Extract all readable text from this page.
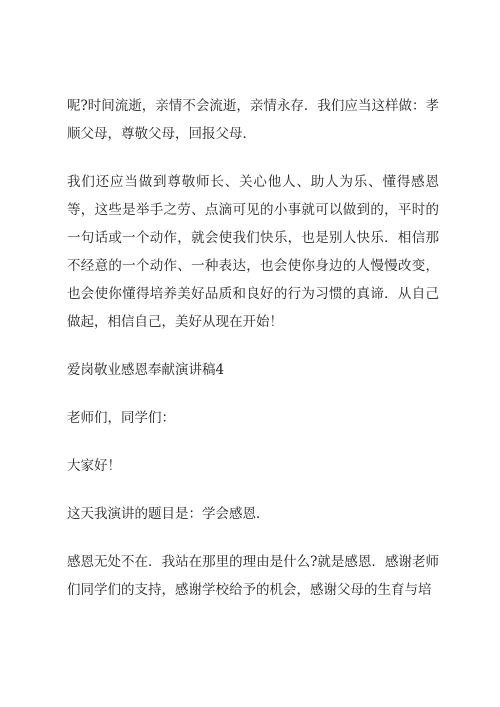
呢?时间流逝，亲情不会流逝，亲情永存．我们应当这样做：孝顺父母，尊敬父母，回报父母．

我们还应当做到尊敬师长、关心他人、助人为乐、懂得感恩等，这些是举手之劳、点滴可见的小事就可以做到的，平时的一句话或一个动作，就会使我们快乐，也是别人快乐．相信那不经意的一个动作、一种表达，也会使你身边的人慢慢改变，也会使你懂得培养美好品质和良好的行为习惯的真谛．从自己做起，相信自己，美好从现在开始！

爱岗敬业感恩奉献演讲稿4

老师们，同学们：

大家好！

这天我演讲的题目是：学会感恩．

感恩无处不在．我站在那里的理由是什么?就是感恩．感谢老师们同学们的支持，感谢学校给予的机会，感谢父母的生育与培
